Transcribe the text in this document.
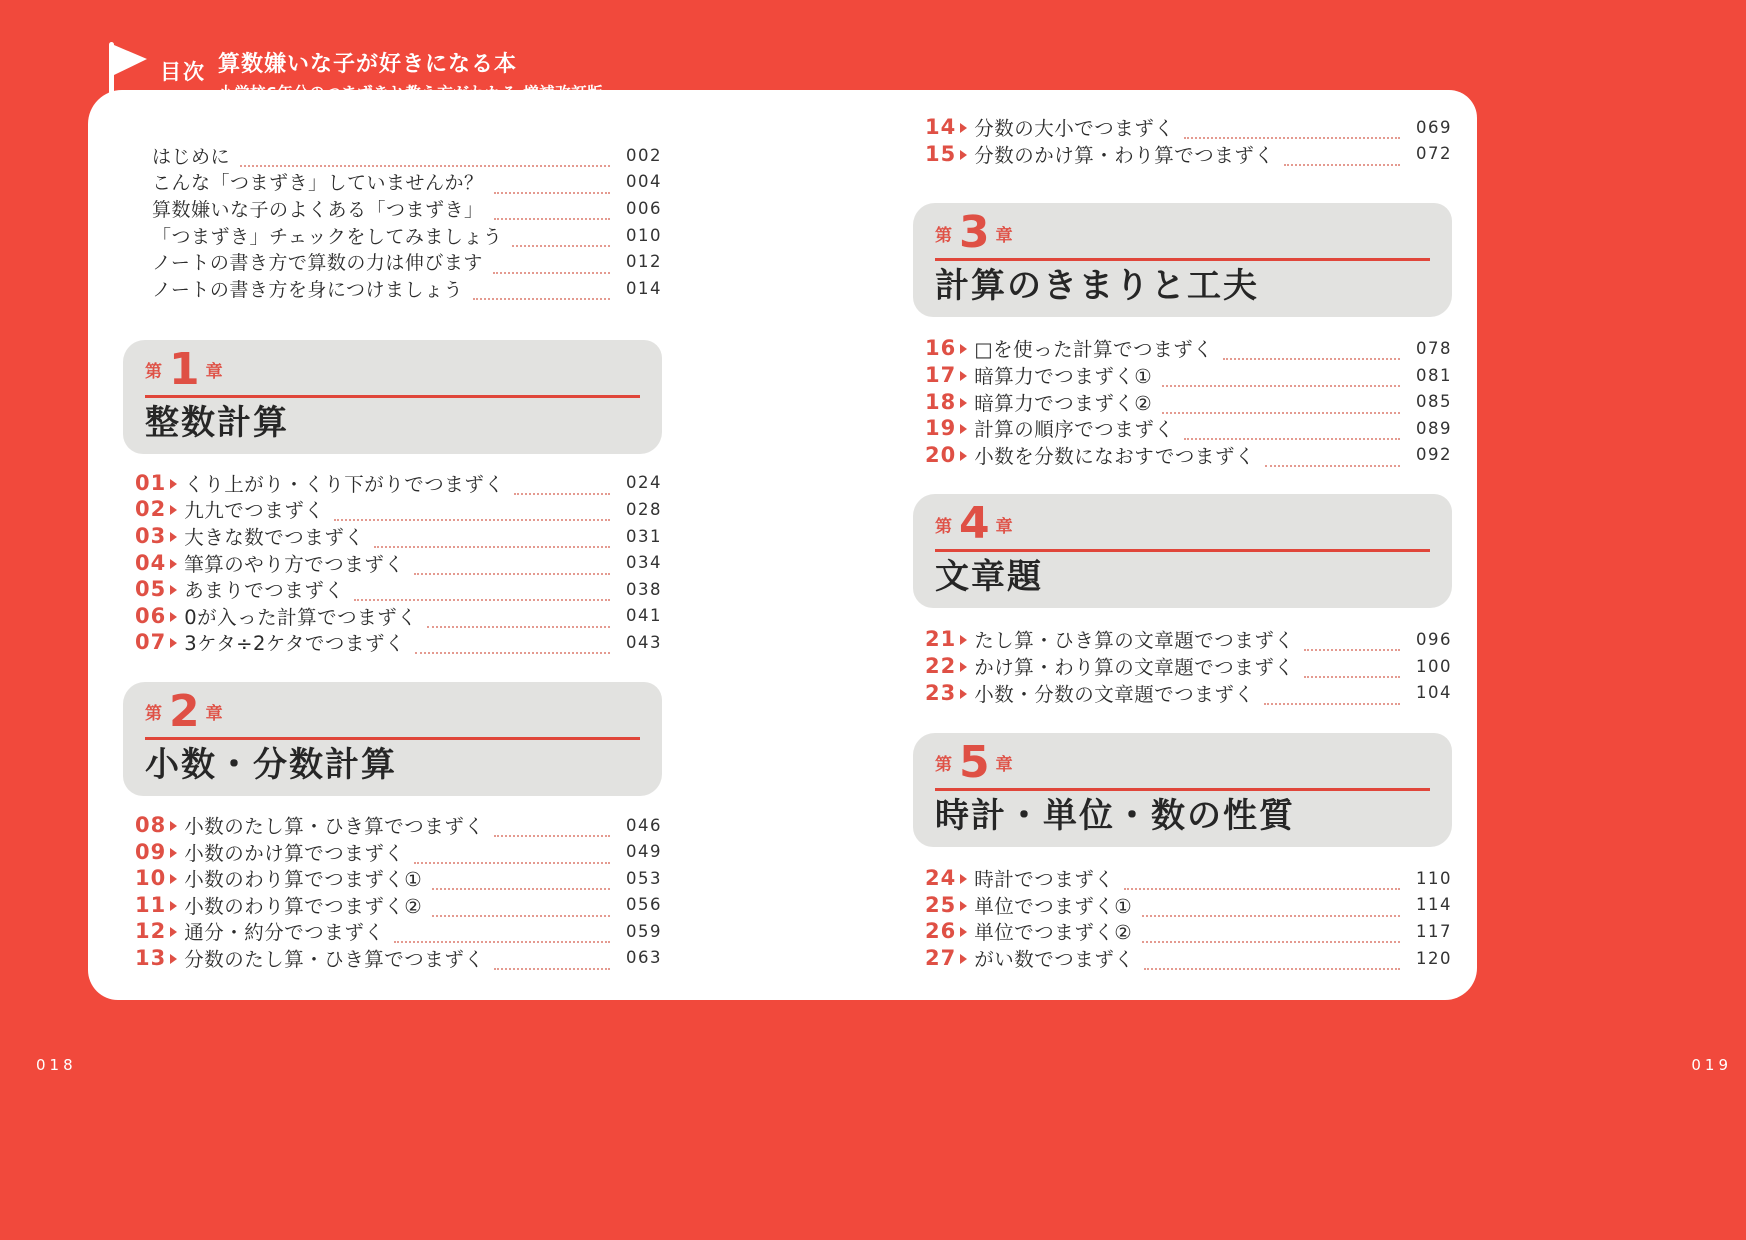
目次 算数嫌いな子が好きになる本
小学校6年分のつまずきと教え方がわかる 増補改訂版
はじめに	002
こんな「つまずき」していませんか？	004
算数嫌いな子のよくある「つまずき」	006
「つまずき」チェックをしてみましょう	010
ノートの書き方で算数の力は伸びます	012
ノートの書き方を身につけましょう	014
第 1 章
整数計算
01 くり上がり・くり下がりでつまずく	024
02 九九でつまずく	028
03 大きな数でつまずく	031
04 筆算のやり方でつまずく	034
05 あまりでつまずく	038
06 0が入った計算でつまずく	041
07 3ケタ÷2ケタでつまずく	043
第 2 章
小数・分数計算
08 小数のたし算・ひき算でつまずく	046
09 小数のかけ算でつまずく	049
10 小数のわり算でつまずく①	053
11 小数のわり算でつまずく②	056
12 通分・約分でつまずく	059
13 分数のたし算・ひき算でつまずく	063
14 分数の大小でつまずく	069
15 分数のかけ算・わり算でつまずく	072
第 3 章
計算のきまりと工夫
16 □を使った計算でつまずく	078
17 暗算力でつまずく①	081
18 暗算力でつまずく②	085
19 計算の順序でつまずく	089
20 小数を分数になおすでつまずく	092
第 4 章
文章題
21 たし算・ひき算の文章題でつまずく	096
22 かけ算・わり算の文章題でつまずく	100
23 小数・分数の文章題でつまずく	104
第 5 章
時計・単位・数の性質
24 時計でつまずく	110
25 単位でつまずく①	114
26 単位でつまずく②	117
27 がい数でつまずく	120
018	019
